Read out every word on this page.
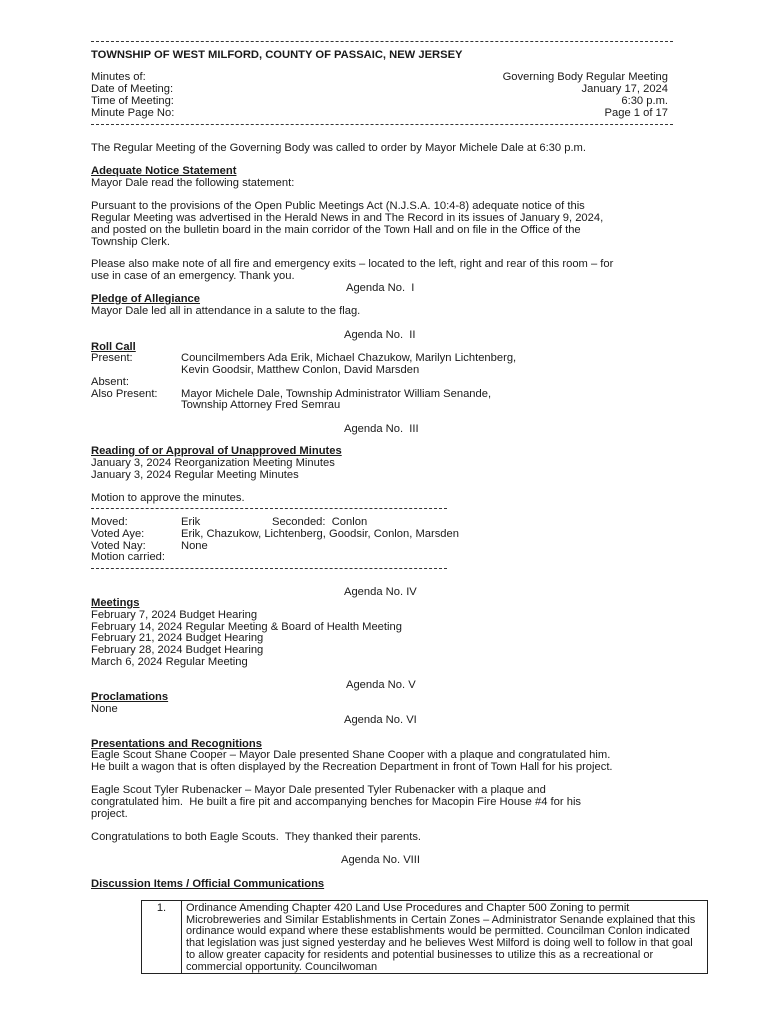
TOWNSHIP OF WEST MILFORD, COUNTY OF PASSAIC, NEW JERSEY
Minutes of:	Governing Body Regular Meeting
Date of Meeting:	January 17, 2024
Time of Meeting:	6:30 p.m.
Minute Page No:	Page 1 of 17
The Regular Meeting of the Governing Body was called to order by Mayor Michele Dale at 6:30 p.m.
Adequate Notice Statement
Mayor Dale read the following statement:
Pursuant to the provisions of the Open Public Meetings Act (N.J.S.A. 10:4-8) adequate notice of this
Regular Meeting was advertised in the Herald News in and The Record in its issues of January 9, 2024,
and posted on the bulletin board in the main corridor of the Town Hall and on file in the Office of the
Township Clerk.
Please also make note of all fire and emergency exits – located to the left, right and rear of this room – for
use in case of an emergency. Thank you.
Agenda No.  I
Pledge of Allegiance
Mayor Dale led all in attendance in a salute to the flag.
Agenda No.  II
Roll Call
Present:	Councilmembers Ada Erik, Michael Chazukow, Marilyn Lichtenberg,
Kevin Goodsir, Matthew Conlon, David Marsden
Absent:
Also Present: Mayor Michele Dale, Township Administrator William Senande,
Township Attorney Fred Semrau
Agenda No.  III
Reading of or Approval of Unapproved Minutes
January 3, 2024 Reorganization Meeting Minutes
January 3, 2024 Regular Meeting Minutes
Motion to approve the minutes.
Moved:	Erik	Seconded:  Conlon
Voted Aye:	Erik, Chazukow, Lichtenberg, Goodsir, Conlon, Marsden
Voted Nay:	None
Motion carried:
Agenda No. IV
Meetings
February 7, 2024 Budget Hearing
February 14, 2024 Regular Meeting & Board of Health Meeting
February 21, 2024 Budget Hearing
February 28, 2024 Budget Hearing
March 6, 2024 Regular Meeting
Agenda No. V
Proclamations
None
Agenda No. VI
Presentations and Recognitions
Eagle Scout Shane Cooper – Mayor Dale presented Shane Cooper with a plaque and congratulated him.
He built a wagon that is often displayed by the Recreation Department in front of Town Hall for his project.
Eagle Scout Tyler Rubenacker – Mayor Dale presented Tyler Rubenacker with a plaque and
congratulated him.  He built a fire pit and accompanying benches for Macopin Fire House #4 for his
project.
Congratulations to both Eagle Scouts.  They thanked their parents.
Agenda No. VIII
Discussion Items / Official Communications
1.	Ordinance Amending Chapter 420 Land Use Procedures and Chapter 500 Zoning to permit Microbreweries and Similar Establishments in Certain Zones – Administrator Senande explained that this ordinance would expand where these establishments would be permitted. Councilman Conlon indicated that legislation was just signed yesterday and he believes West Milford is doing well to follow in that goal to allow greater capacity for residents and potential businesses to utilize this as a recreational or commercial opportunity. Councilwoman
